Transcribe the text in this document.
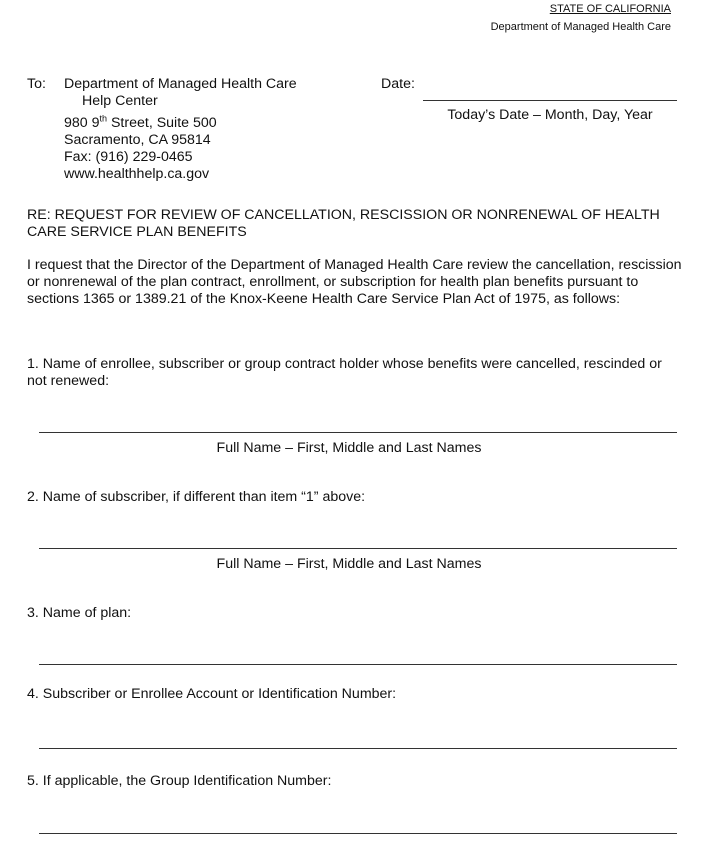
STATE OF CALIFORNIA
Department of Managed Health Care
To: Department of Managed Health Care
Help Center
980 9th Street, Suite 500
Sacramento, CA 95814
Fax: (916) 229-0465
www.healthhelp.ca.gov
Date:
Today’s Date – Month, Day, Year
RE: REQUEST FOR REVIEW OF CANCELLATION, RESCISSION OR NONRENEWAL OF HEALTH CARE SERVICE PLAN BENEFITS
I request that the Director of the Department of Managed Health Care review the cancellation, rescission or nonrenewal of the plan contract, enrollment, or subscription for health plan benefits pursuant to sections 1365 or 1389.21 of the Knox-Keene Health Care Service Plan Act of 1975, as follows:
1. Name of enrollee, subscriber or group contract holder whose benefits were cancelled, rescinded or not renewed:
Full Name – First, Middle and Last Names
2. Name of subscriber, if different than item “1” above:
Full Name – First, Middle and Last Names
3. Name of plan:
4. Subscriber or Enrollee Account or Identification Number:
5. If applicable, the Group Identification Number:
